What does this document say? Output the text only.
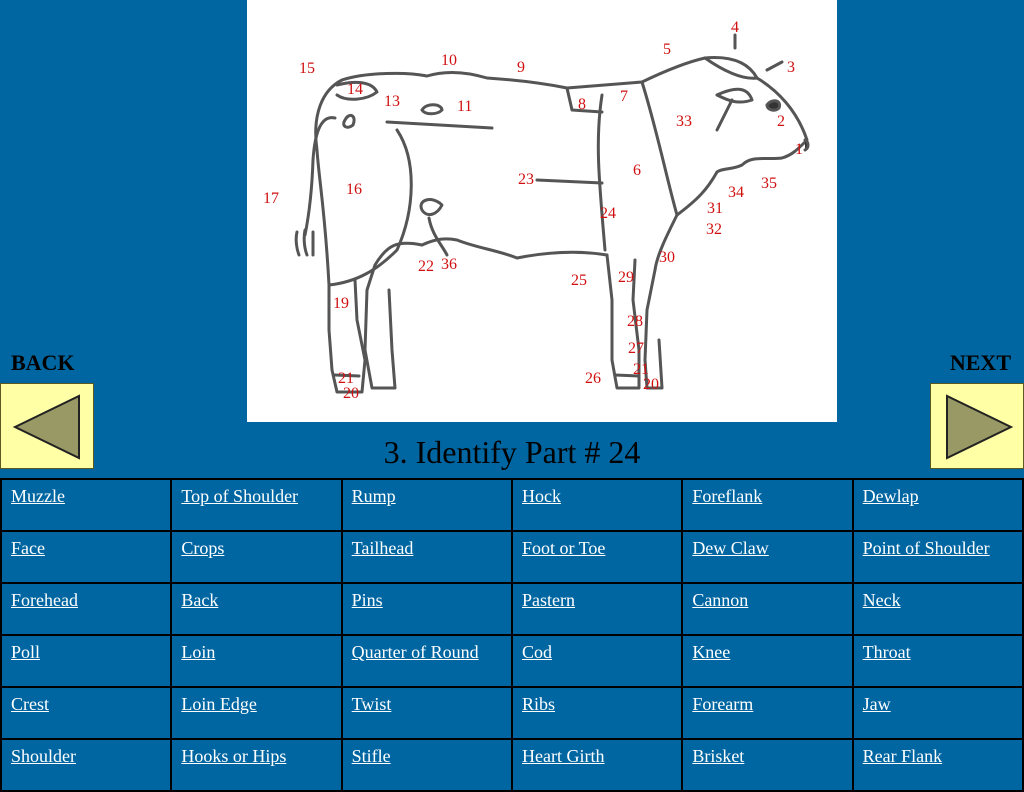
1
2
3
4
5
6
7
8
9
10
11
13
14
15
16
17
19
20
21
22
23
24
25
26
27
28
29
30
31
32
33
34
35
36
21
20
BACK	NEXT
3. Identify Part # 24
Muzzle	Top of Shoulder	Rump	Hock	Foreflank	Dewlap
Face	Crops	Tailhead	Foot or Toe	Dew Claw	Point of Shoulder
Forehead	Back	Pins	Pastern	Cannon	Neck
Poll	Loin	Quarter of Round	Cod	Knee	Throat
Crest	Loin Edge	Twist	Ribs	Forearm	Jaw
Shoulder	Hooks or Hips	Stifle	Heart Girth	Brisket	Rear Flank
